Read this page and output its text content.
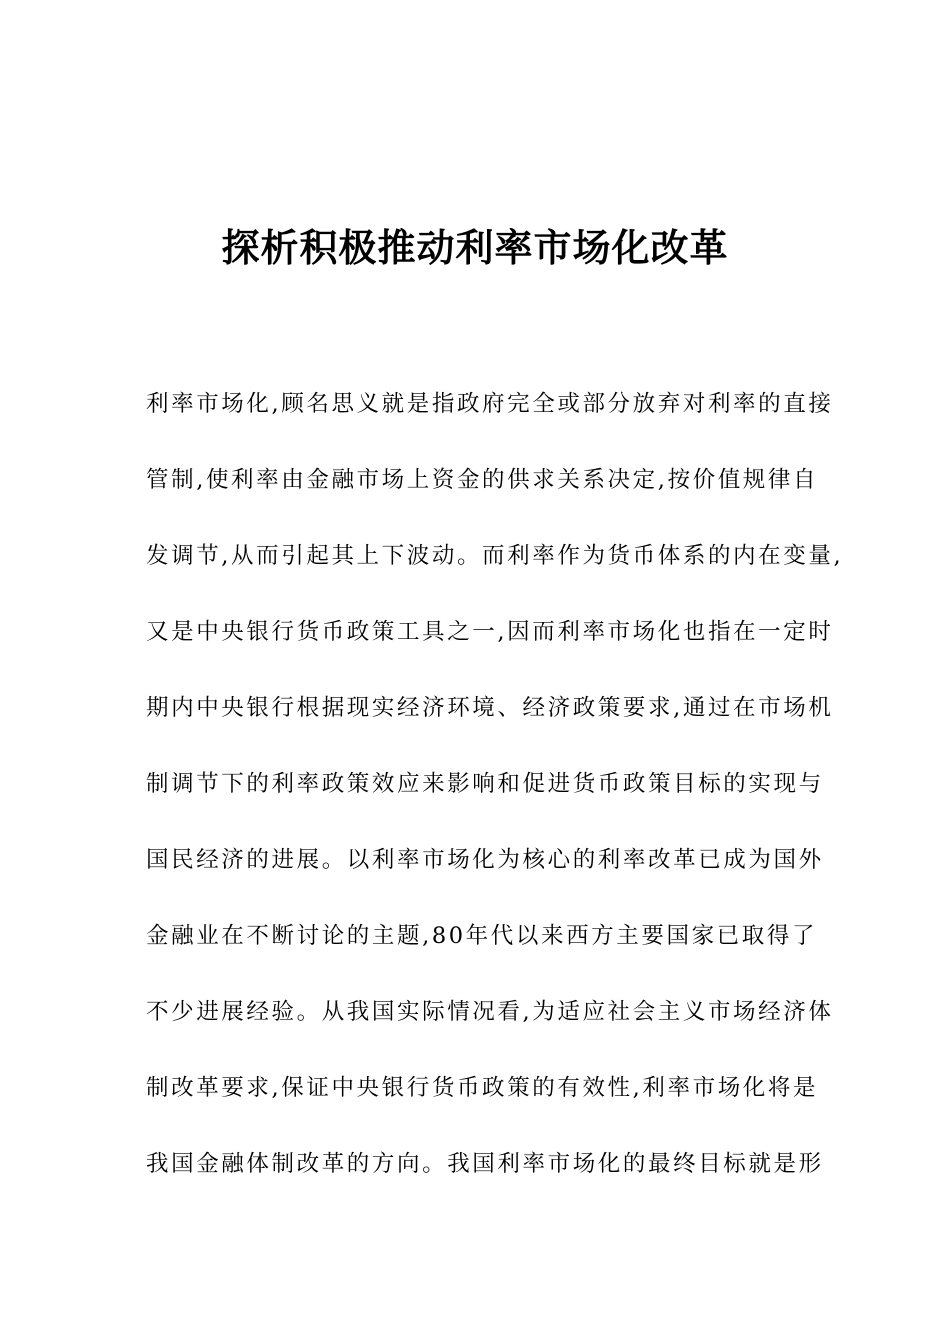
探析积极推动利率市场化改革
利率市场化,顾名思义就是指政府完全或部分放弃对利率的直接
管制,使利率由金融市场上资金的供求关系决定,按价值规律自
发调节,从而引起其上下波动。而利率作为货币体系的内在变量,
又是中央银行货币政策工具之一,因而利率市场化也指在一定时
期内中央银行根据现实经济环境、经济政策要求,通过在市场机
制调节下的利率政策效应来影响和促进货币政策目标的实现与
国民经济的进展。以利率市场化为核心的利率改革已成为国外
金融业在不断讨论的主题,80年代以来西方主要国家已取得了
不少进展经验。从我国实际情况看,为适应社会主义市场经济体
制改革要求,保证中央银行货币政策的有效性,利率市场化将是
我国金融体制改革的方向。我国利率市场化的最终目标就是形
